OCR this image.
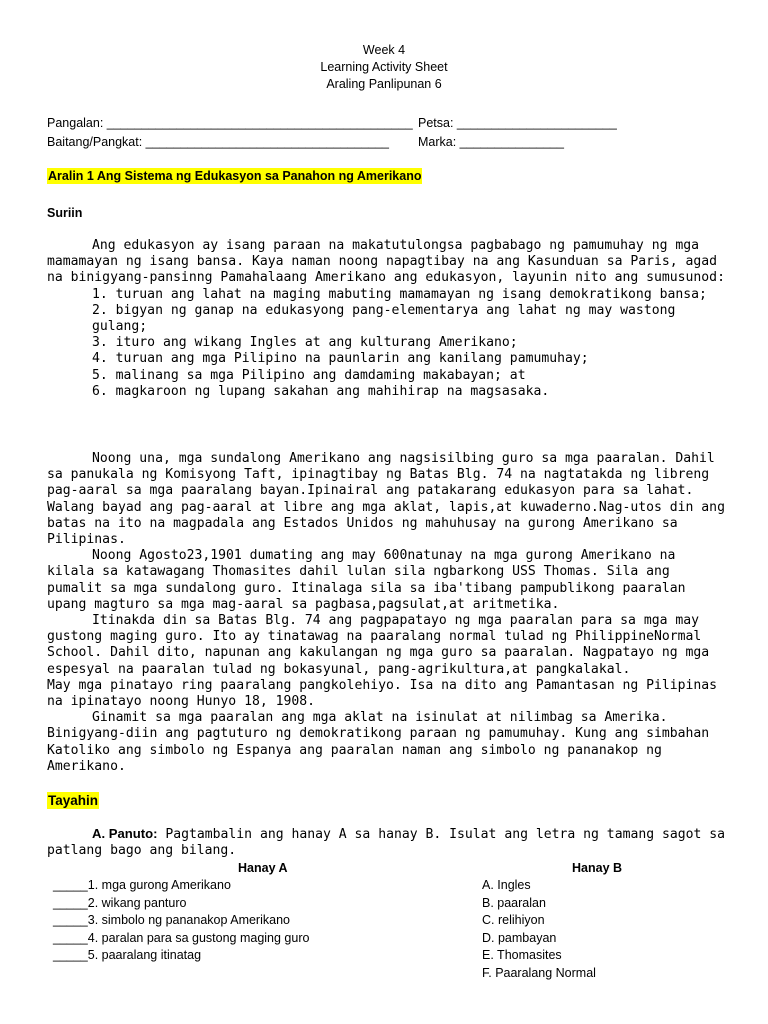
Week 4
Learning Activity Sheet
Araling Panlipunan 6
Pangalan: ____________________________________________ Petsa: _______________________
Baitang/Pangkat: ___________________________________ Marka: _______________
Aralin 1 Ang Sistema ng Edukasyon sa Panahon ng Amerikano
Suriin

Ang edukasyon ay isang paraan na makatutulongsa pagbabago ng pamumuhay ng mga mamamayan ng isang bansa. Kaya naman noong napagtibay na ang Kasunduan sa Paris, agad na binigyang-pansinng Pamahalaang Amerikano ang edukasyon, layunin nito ang sumusunod:

1. turuan ang lahat na maging mabuting mamamayan ng isang demokratikong bansa;
2. bigyan ng ganap na edukasyong pang-elementarya ang lahat ng may wastong gulang;
3. ituro ang wikang Ingles at ang kulturang Amerikano;
4. turuan ang mga Pilipino na paunlarin ang kanilang pamumuhay;
5. malinang sa mga Pilipino ang damdaming makabayan; at
6. magkaroon ng lupang sakahan ang mahihirap na magsasaka.

Noong una, mga sundalong Amerikano ang nagsisilbing guro sa mga paaralan. Dahil sa panukala ng Komisyong Taft, ipinagtibay ng Batas Blg. 74 na nagtatakda ng libreng pag-aaral sa mga paaralang bayan.Ipinairal ang patakarang edukasyon para sa lahat. Walang bayad ang pag-aaral at libre ang mga aklat, lapis,at kuwaderno.Nag-utos din ang batas na ito na magpadala ang Estados Unidos ng mahuhusay na gurong Amerikano sa Pilipinas.

Noong Agosto23,1901 dumating ang may 600natunay na mga gurong Amerikano na kilala sa katawagang Thomasites dahil lulan sila ngbarkong USS Thomas. Sila ang pumalit sa mga sundalong guro. Itinalaga sila sa iba'tibang pampublikong paaralan upang magturo sa mga mag-aaral sa pagbasa,pagsulat,at aritmetika.

Itinakda din sa Batas Blg. 74 ang pagpapatayo ng mga paaralan para sa mga may gustong maging guro. Ito ay tinatawag na paaralang normal tulad ng PhilippineNormal School. Dahil dito, napunan ang kakulangan ng mga guro sa paaralan. Nagpatayo ng mga espesyal na paaralan tulad ng bokasyunal, pang-agrikultura,at pangkalakal.

May mga pinatayo ring paaralang pangkolehiyo. Isa na dito ang Pamantasan ng Pilipinas na ipinatayo noong Hunyo 18, 1908.

Ginamit sa mga paaralan ang mga aklat na isinulat at nilimbag sa Amerika. Binigyang-diin ang pagtuturo ng demokratikong paraan ng pamumuhay. Kung ang simbahan Katoliko ang simbolo ng Espanya ang paaralan naman ang simbolo ng pananakop ng Amerikano.

Tayahin

A. Panuto: Pagtambalin ang hanay A sa hanay B. Isulat ang letra ng tamang sagot sa patlang bago ang bilang.

Hanay A	Hanay B
_____1. mga gurong Amerikano
_____2. wikang panturo
_____3. simbolo ng pananakop Amerikano
_____4. paralan para sa gustong maging guro
_____5. paaralang itinatag
A. Ingles
B. paaralan
C. relihiyon
D. pambayan
E. Thomasites
F. Paaralang Normal
